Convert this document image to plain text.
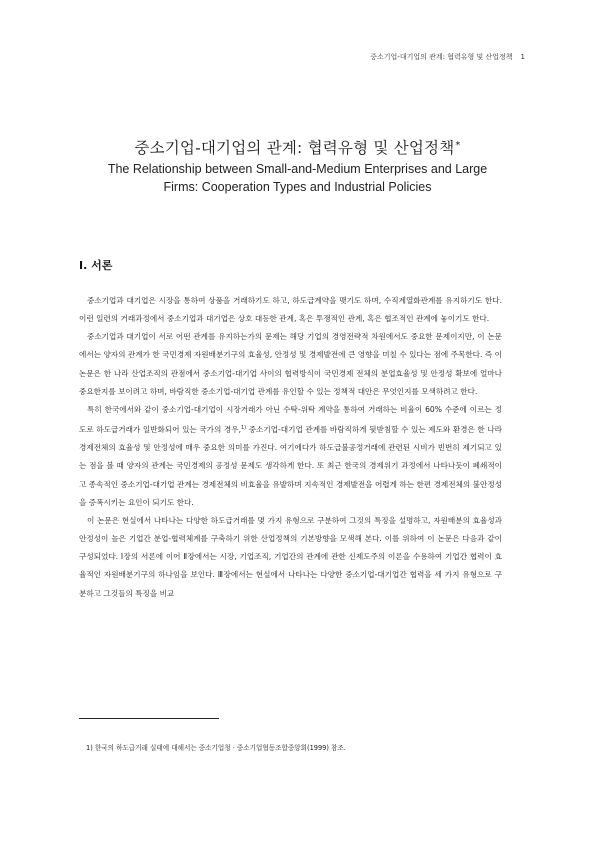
중소기업-대기업의 관계: 협력유형 및 산업정책 1
중소기업-대기업의 관계: 협력유형 및 산업정책*
The Relationship between Small-and-Medium Enterprises and Large
Firms: Cooperation Types and Industrial Policies
Ⅰ. 서론

중소기업과 대기업은 시장을 통하여 상품을 거래하기도 하고, 하도급계약을 맺기도 하며, 수직계열화관계를 유지하기도 한다. 이런 일련의 거래과정에서 중소기업과 대기업은 상호 대등한 관계, 혹은 투쟁적인 관계, 혹은 협조적인 관계에 놓이기도 한다.

중소기업과 대기업이 서로 어떤 관계를 유지하는가의 문제는 해당 기업의 경영전략적 차원에서도 중요한 문제이지만, 이 논문에서는 양자의 관계가 한 국민경제 자원배분기구의 효율성, 안정성 및 경제발전에 큰 영향을 미칠 수 있다는 점에 주목한다. 즉 이 논문은 한 나라 산업조직의 관점에서 중소기업-대기업 사이의 협력방식이 국민경제 전체의 분업효율성 및 안정성 확보에 얼마나 중요한지를 보이려고 하며, 바람직한 중소기업-대기업 관계를 유인할 수 있는 정책적 대안은 무엇인지를 모색하려고 한다.

특히 한국에서와 같이 중소기업-대기업이 시장거래가 아닌 수탁-위탁 계약을 통하여 거래하는 비율이 60% 수준에 이르는 정도로 하도급거래가 일반화되어 있는 국가의 경우,$^{1)}$ 중소기업-대기업 관계를 바람직하게 뒷받침할 수 있는 제도와 환경은 한 나라 경제전체의 효율성 및 안정성에 매우 중요한 의미를 가진다. 여기에다가 하도급불공정거래에 관련된 시비가 빈번히 제기되고 있는 점을 볼 때 양자의 관계는 국민경제의 공정성 문제도 생각하게 한다. 또 최근 한국의 경제위기 과정에서 나타나듯이 폐쇄적이고 종속적인 중소기업-대기업 관계는 경제전체의 비효율을 유발하며 지속적인 경제발전을 어렵게 하는 한편 경제전체의 불안정성을 증폭시키는 요인이 되기도 한다.

이 논문은 현실에서 나타나는 다양한 하도급거래를 몇 가지 유형으로 구분하여 그것의 특징을 설명하고, 자원배분의 효율성과 안정성이 높은 기업간 분업-협력체계를 구축하기 위한 산업정책의 기본방향을 모색해 본다. 이를 위하여 이 논문은 다음과 같이 구성되었다. Ⅰ장의 서론에 이어 Ⅱ장에서는 시장, 기업조직, 기업간의 관계에 관한 신제도주의 이론을 수용하여 기업간 협력이 효율적인 자원배분기구의 하나임을 보인다. Ⅲ장에서는 현실에서 나타나는 다양한 중소기업-대기업간 협력을 세 가지 유형으로 구분하고 그것들의 특징을 비교

1) 한국의 하도급거래 실태에 대해서는 중소기업청 · 중소기업협동조합중앙회(1999) 참조.
